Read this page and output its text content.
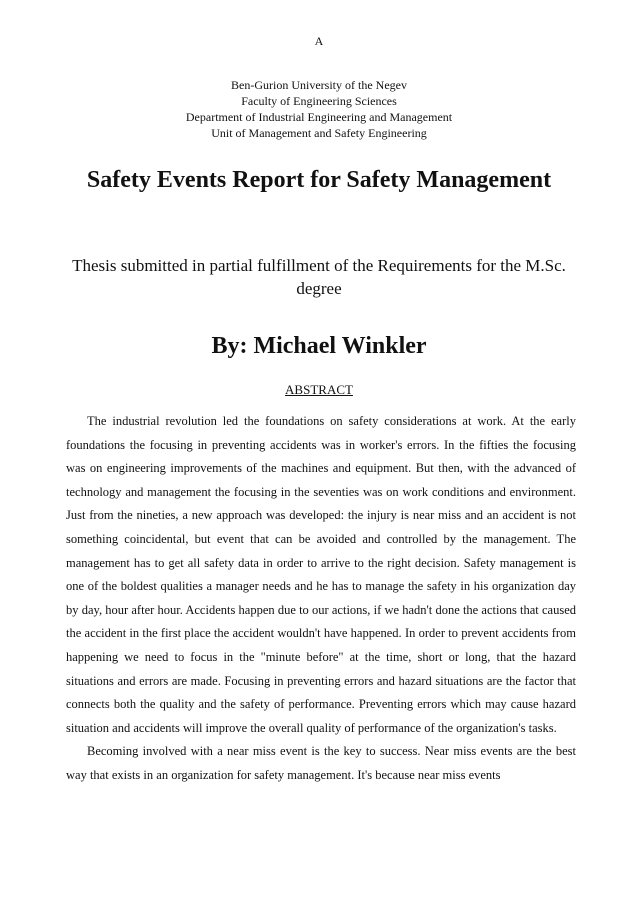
A
Ben-Gurion University of the Negev
Faculty of Engineering Sciences
Department of Industrial Engineering and Management
Unit of Management and Safety Engineering
Safety Events Report for Safety Management
Thesis submitted in partial fulfillment of the Requirements for the M.Sc. degree
By: Michael Winkler
ABSTRACT

The industrial revolution led the foundations on safety considerations at work. At the early foundations the focusing in preventing accidents was in worker's errors. In the fifties the focusing was on engineering improvements of the machines and equipment. But then, with the advanced of technology and management the focusing in the seventies was on work conditions and environment. Just from the nineties, a new approach was developed: the injury is near miss and an accident is not something coincidental, but event that can be avoided and controlled by the management. The management has to get all safety data in order to arrive to the right decision. Safety management is one of the boldest qualities a manager needs and he has to manage the safety in his organization day by day, hour after hour. Accidents happen due to our actions, if we hadn't done the actions that caused the accident in the first place the accident wouldn't have happened. In order to prevent accidents from happening we need to focus in the "minute before" at the time, short or long, that the hazard situations and errors are made. Focusing in preventing errors and hazard situations are the factor that connects both the quality and the safety of performance. Preventing errors which may cause hazard situation and accidents will improve the overall quality of performance of the organization's tasks.

Becoming involved with a near miss event is the key to success. Near miss events are the best way that exists in an organization for safety management. It's because near miss events
